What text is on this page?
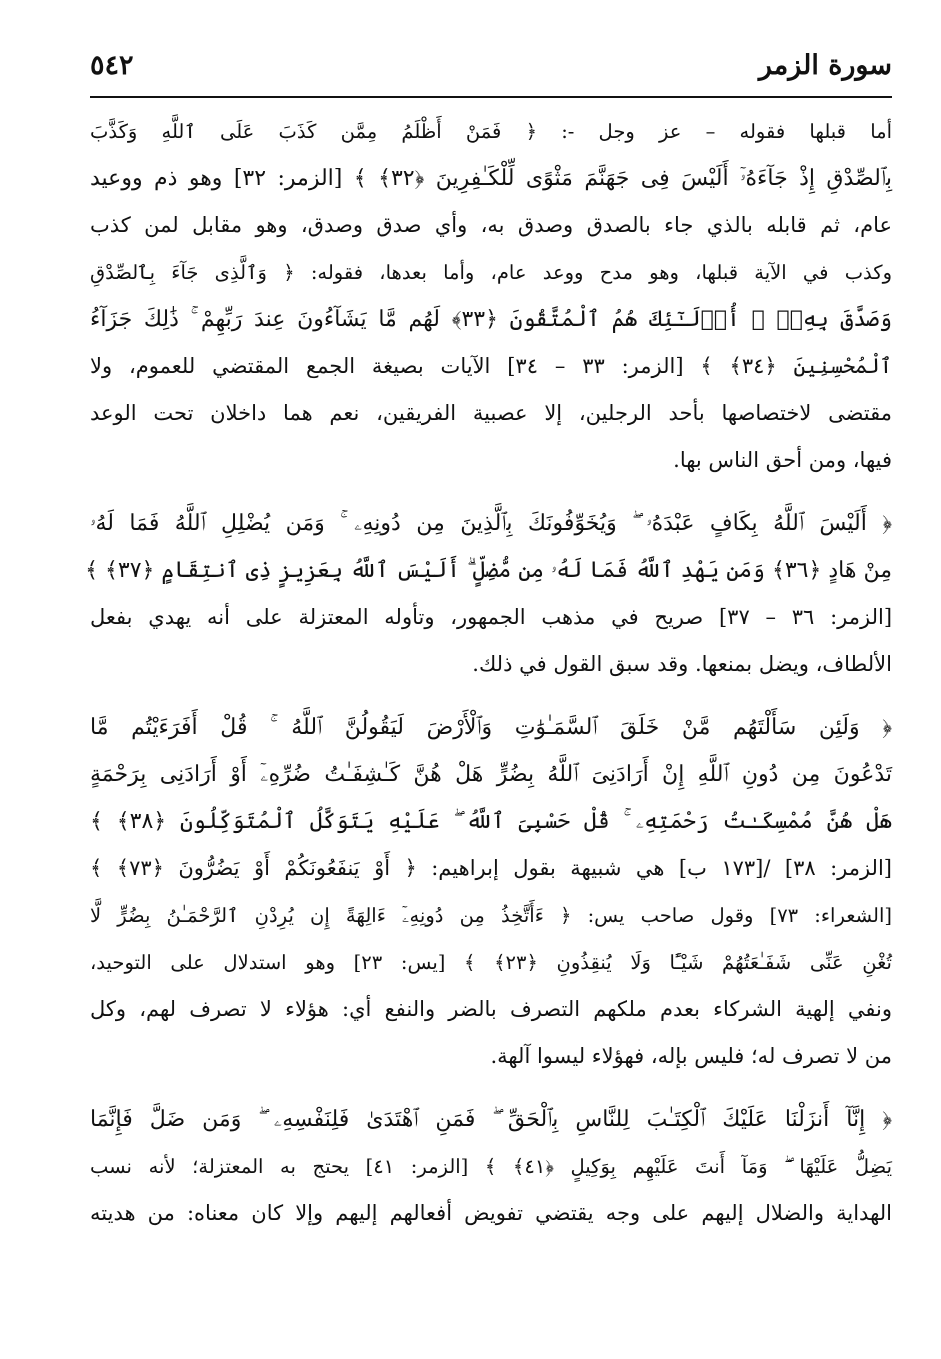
سورة الزمر
٥٤٢
أما قبلها فقوله – عز وجل -: ﴿ فَمَنْ أَظْلَمُ مِمَّن كَذَبَ عَلَى ٱللَّهِ وَكَذَّبَ
بِٱلصِّدْقِ إِذْ جَآءَهُۥٓ أَلَيْسَ فِى جَهَنَّمَ مَثْوًى لِّلْكَـٰفِرِينَ ﴿٣٢﴾ ﴾ [الزمر: ٣٢] وهو ذم ووعيد
عام، ثم قابله بالذي جاء بالصدق وصدق به، وأي صدق وصدق، وهو مقابل لمن كذب
وكذب في الآية قبلها، وهو مدح ووعد عام، وأما بعدها، فقوله: ﴿ وَٱلَّذِى جَآءَ بِٱلصِّدْقِ
وَصَدَّقَ بِهِۦٓ ۙ أُو۟لَـٰٓئِكَ هُمُ ٱلْمُتَّقُونَ ﴿٣٣﴾ لَهُم مَّا يَشَآءُونَ عِندَ رَبِّهِمْ ۚ ذَٰلِكَ جَزَآءُ
ٱلْمُحْسِنِينَ ﴿٣٤﴾ ﴾ [الزمر: ٣٣ – ٣٤] الآيات بصيغة الجمع المقتضي للعموم، ولا
مقتضى لاختصاصها بأحد الرجلين، إلا عصبية الفريقين، نعم هما داخلان تحت الوعد
فيها، ومن أحق الناس بها.
﴿ أَلَيْسَ ٱللَّهُ بِكَافٍ عَبْدَهُۥ ۖ وَيُخَوِّفُونَكَ بِٱلَّذِينَ مِن دُونِهِۦ ۚ وَمَن يُضْلِلِ ٱللَّهُ فَمَا لَهُۥ
مِنْ هَادٍ ﴿٣٦﴾ وَمَن يَهْدِ ٱللَّهُ فَمَا لَهُۥ مِن مُّضِلٍّ ۗ أَلَيْسَ ٱللَّهُ بِعَزِيزٍ ذِى ٱنتِقَامٍ ﴿٣٧﴾ ﴾
[الزمر: ٣٦ – ٣٧] صريح في مذهب الجمهور، وتأوله المعتزلة على أنه يهدي بفعل
الألطاف، ويضل بمنعها. وقد سبق القول في ذلك.
﴿ وَلَئِن سَأَلْتَهُم مَّنْ خَلَقَ ٱلسَّمَـٰوَٰتِ وَٱلْأَرْضَ لَيَقُولُنَّ ٱللَّهُ ۚ قُلْ أَفَرَءَيْتُم مَّا
تَدْعُونَ مِن دُونِ ٱللَّهِ إِنْ أَرَادَنِىَ ٱللَّهُ بِضُرٍّ هَلْ هُنَّ كَـٰشِفَـٰتُ ضُرِّهِۦٓ أَوْ أَرَادَنِى بِرَحْمَةٍ
هَلْ هُنَّ مُمْسِكَـٰتُ رَحْمَتِهِۦ ۚ قُلْ حَسْبِىَ ٱللَّهُ ۖ عَلَيْهِ يَتَوَكَّلُ ٱلْمُتَوَكِّلُونَ ﴿٣٨﴾ ﴾
[الزمر: ٣٨] /[١٧٣ ب] هي شبيهة بقول إبراهيم: ﴿ أَوْ يَنفَعُونَكُمْ أَوْ يَضُرُّونَ ﴿٧٣﴾ ﴾
[الشعراء: ٧٣] وقول صاحب يس: ﴿ ءَأَتَّخِذُ مِن دُونِهِۦٓ ءَالِهَةً إِن يُرِدْنِ ٱلرَّحْمَـٰنُ بِضُرٍّ لَّا
تُغْنِ عَنِّى شَفَـٰعَتُهُمْ شَيْـًٔا وَلَا يُنقِذُونِ ﴿٢٣﴾ ﴾ [يس: ٢٣] وهو استدلال على التوحيد،
ونفي إلهية الشركاء بعدم ملكهم التصرف بالضر والنفع أي: هؤلاء لا تصرف لهم، وكل
من لا تصرف له؛ فليس بإله، فهؤلاء ليسوا آلهة.
﴿ إِنَّآ أَنزَلْنَا عَلَيْكَ ٱلْكِتَـٰبَ لِلنَّاسِ بِٱلْحَقِّ ۖ فَمَنِ ٱهْتَدَىٰ فَلِنَفْسِهِۦ ۖ وَمَن ضَلَّ فَإِنَّمَا
يَضِلُّ عَلَيْهَا ۖ وَمَآ أَنتَ عَلَيْهِم بِوَكِيلٍ ﴿٤١﴾ ﴾ [الزمر: ٤١] يحتج به المعتزلة؛ لأنه نسب
الهداية والضلال إليهم على وجه يقتضي تفويض أفعالهم إليهم وإلا كان معناه: من هديته
